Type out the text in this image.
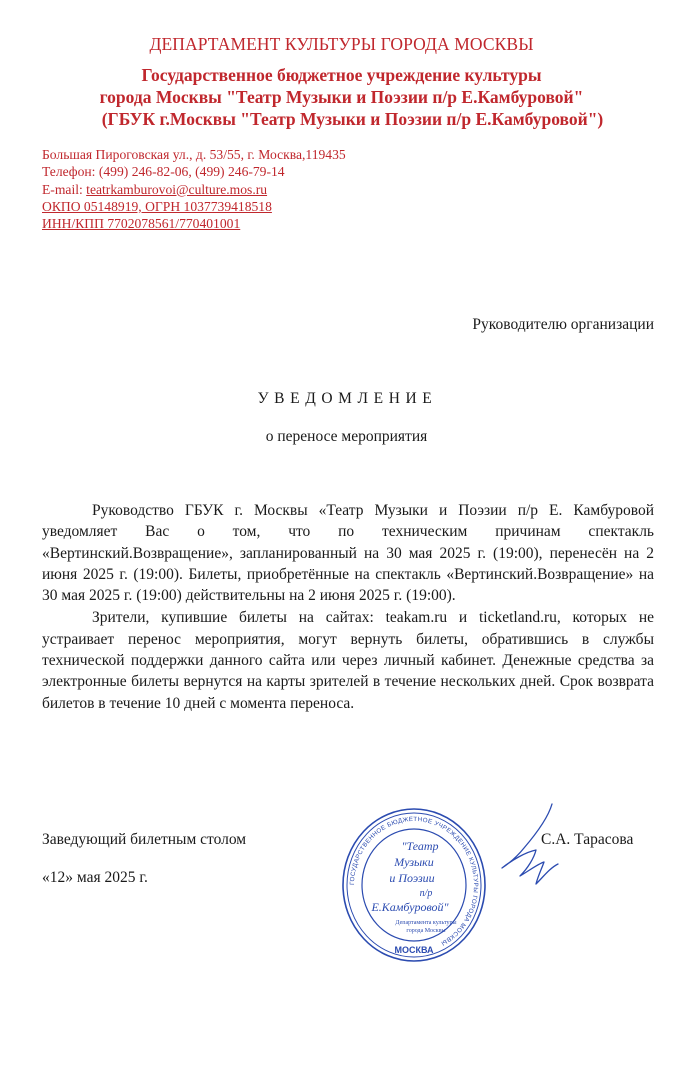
ДЕПАРТАМЕНТ КУЛЬТУРЫ ГОРОДА МОСКВЫ
Государственное бюджетное учреждение культуры
города Москвы "Театр Музыки и Поэзии п/р Е.Камбуровой"
(ГБУК г.Москвы "Театр Музыки и Поэзии п/р Е.Камбуровой")
Большая Пироговская ул., д. 53/55, г. Москва,119435
Телефон: (499) 246-82-06, (499) 246-79-14
E-mail: teatrkamburovoi@culture.mos.ru
ОКПО 05148919, ОГРН 1037739418518
ИНН/КПП 7702078561/770401001
Руководителю организации
УВЕДОМЛЕНИЕ
о переносе мероприятия

Руководство ГБУК г. Москвы «Театр Музыки и Поэзии п/р Е. Камбуровой уведомляет Вас о том, что по техническим причинам спектакль «Вертинский.Возвращение», запланированный на 30 мая 2025 г. (19:00), перенесён на 2 июня 2025 г. (19:00). Билеты, приобретённые на спектакль «Вертинский.Возвращение» на 30 мая 2025 г. (19:00) действительны на 2 июня 2025 г. (19:00).

Зрители, купившие билеты на сайтах: teakam.ru и ticketland.ru, которых не устраивает перенос мероприятия, могут вернуть билеты, обратившись в службы технической поддержки данного сайта или через личный кабинет. Денежные средства за электронные билеты вернутся на карты зрителей в течение нескольких дней. Срок возврата билетов в течение 10 дней с момента переноса.

Заведующий билетным столом	С.А. Тарасова
«12» мая 2025 г.	ГОСУДАРСТВЕННОЕ БЮДЖЕТНОЕ УЧРЕЖДЕНИЕ КУЛЬТУРЫ ГОРОДА МОСКВЫ
МОСКВА
"Театр
Музыки
и Поэзии
п/р
Е.Камбуровой"
Департамента культуры
города Москвы
